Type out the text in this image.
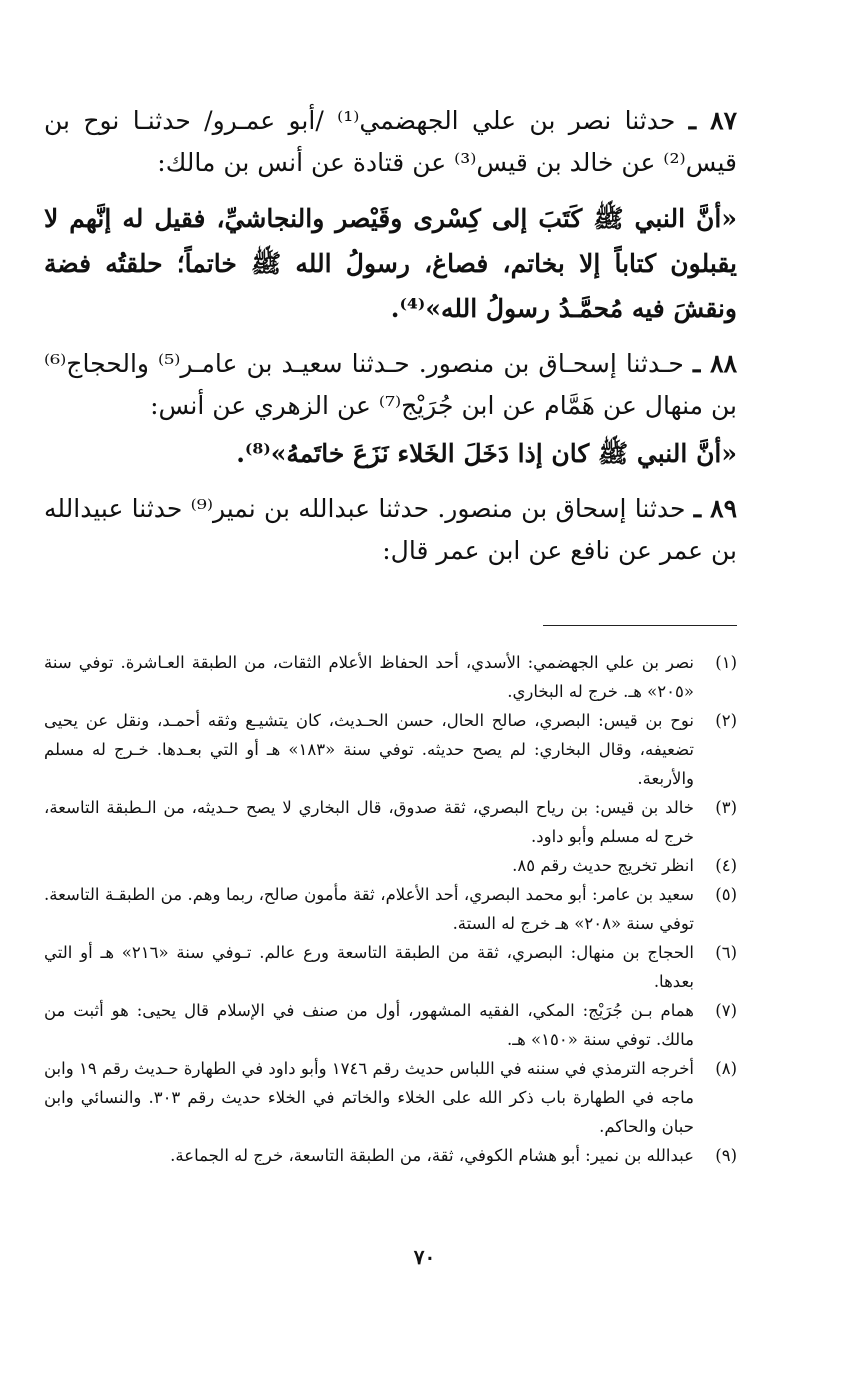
٨٧ ـ حدثنا نصر بن علي الجهضمي⁽¹⁾ /أبو عمـرو/ حدثنـا نوح بن قيس⁽²⁾ عن خالد بن قيس⁽³⁾ عن قتادة عن أنس بن مالك:

«أنَّ النبي ﷺ كَتَبَ إلى كِسْرى وقَيْصر والنجاشيِّ، فقيل له إنَّهم لا يقبلون كتاباً إلا بخاتم، فصاغ، رسولُ الله ﷺ خاتماً؛ حلقتُه فضة ونقشَ فيه مُحمَّـدُ رسولُ الله»⁽⁴⁾.

٨٨ ـ حـدثنا إسحـاق بن منصور. حـدثنا سعيـد بن عامـر⁽⁵⁾ والحجاج⁽⁶⁾ بن منهال عن هَمَّام عن ابن جُرَيْج⁽⁷⁾ عن الزهري عن أنس:

«أنَّ النبي ﷺ كان إذا دَخَلَ الخَلاء نَزَعَ خاتَمهُ»⁽⁸⁾.

٨٩ ـ حدثنا إسحاق بن منصور. حدثنا عبدالله بن نمير⁽⁹⁾ حدثنا عبيدالله بن عمر عن نافع عن ابن عمر قال:

(١)
نصر بن علي الجهضمي: الأسدي، أحد الحفاظ الأعلام الثقات، من الطبقة العـاشرة. توفي سنة «٢٠٥» هـ. خرج له البخاري.
(٢)
نوح بن قيس: البصري، صالح الحال، حسن الحـديث، كان يتشيـع وثقه أحمـد، ونقل عن يحيى تضعيفه، وقال البخاري: لم يصح حديثه. توفي سنة «١٨٣» هـ أو التي بعـدها. خـرج له مسلم والأربعة.
(٣)
خالد بن قيس: بن رياح البصري، ثقة صدوق، قال البخاري لا يصح حـديثه، من الـطبقة التاسعة، خرج له مسلم وأبو داود.
(٤)
انظر تخريج حديث رقم ٨٥.
(٥)
سعيد بن عامر: أبو محمد البصري، أحد الأعلام، ثقة مأمون صالح، ربما وهم. من الطبقـة التاسعة. توفي سنة «٢٠٨» هـ خرج له الستة.
(٦)
الحجاج بن منهال: البصري، ثقة من الطبقة التاسعة ورع عالم. تـوفي سنة «٢١٦» هـ أو التي بعدها.
(٧)
همام بـن جُرَيْج: المكي، الفقيه المشهور، أول من صنف في الإسلام قال يحيى: هو أثبت من مالك. توفي سنة «١٥٠» هـ.
(٨)
أخرجه الترمذي في سننه في اللباس حديث رقم ١٧٤٦ وأبو داود في الطهارة حـديث رقم ١٩ وابن ماجه في الطهارة باب ذكر الله على الخلاء والخاتم في الخلاء حديث رقم ٣٠٣. والنسائي وابن حبان والحاكم.
(٩)
عبدالله بن نمير: أبو هشام الكوفي، ثقة، من الطبقة التاسعة، خرج له الجماعة.
٧٠
